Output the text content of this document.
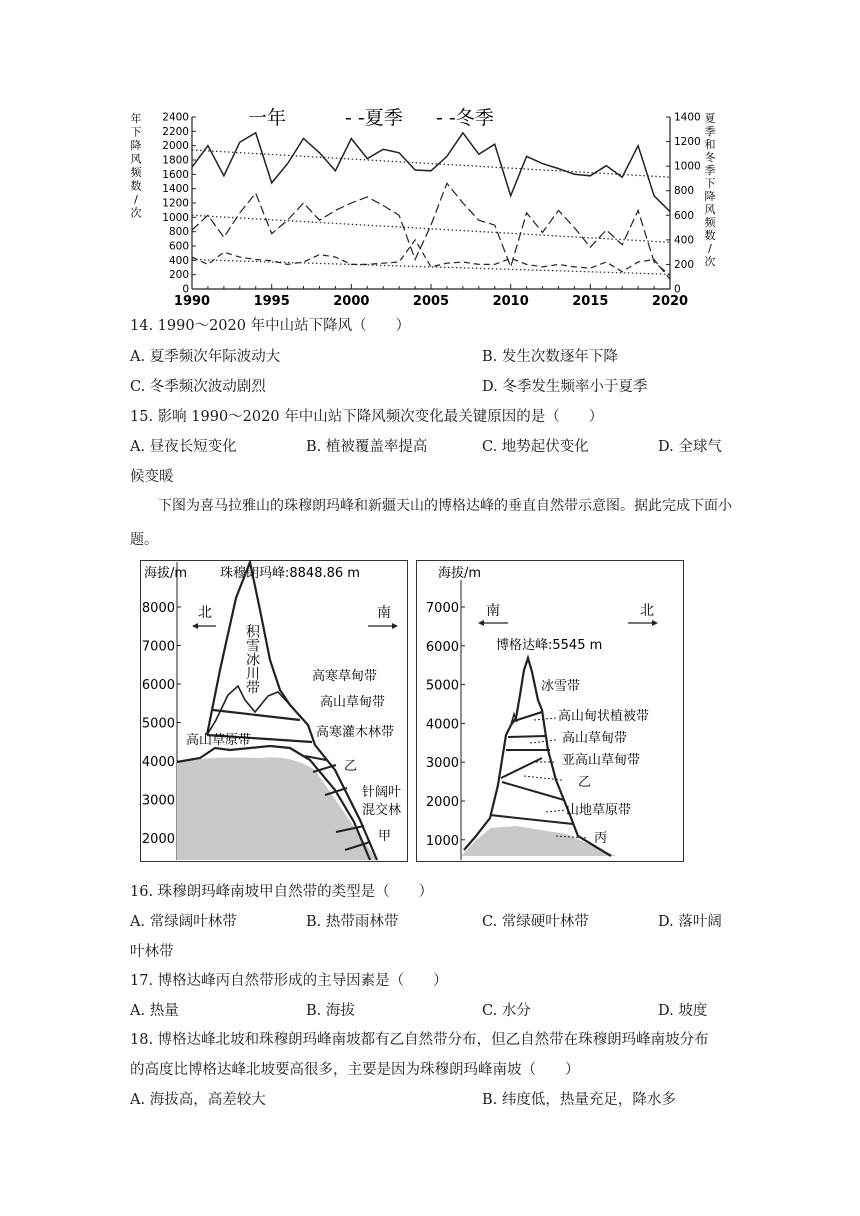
一年	- -夏季 - -冬季
年
下
降
风
频
数
/
次
夏
季
和
冬
季
下
降
风
频
数
/
次
0
200
400
600
800
1000
1200
1400
1600
1800
2000
2200
2400
0
200
400
600
800
1000
1200
1400
1990	1995	2000	2005	2010	2015	2020
14. 1990～2020 年中山站下降风（　　）
A. 夏季频次年际波动大	B. 发生次数逐年下降
C. 冬季频次波动剧烈	D. 冬季发生频率小于夏季
15. 影响 1990～2020 年中山站下降风频次变化最关键原因的是（　　）
A. 昼夜长短变化	B. 植被覆盖率提高	C. 地势起伏变化	D. 全球气
候变暖
下图为喜马拉雅山的珠穆朗玛峰和新疆天山的博格达峰的垂直自然带示意图。据此完成下面小题。
海拔/m	珠穆朗玛峰:8848.86 m
8000
7000
6000
5000
4000
3000
2000
北	南
积雪冰川带	高寒草甸带
高山草甸带
高寒灌木林带
高山草原带
乙
针阔叶
混交林
甲
海拔/m
7000
6000
5000
4000
3000
2000
1000
南	北
博格达峰:5545 m
冰雪带
高山甸状植被带
高山草甸带
亚高山草甸带
乙
山地草原带
丙
16. 珠穆朗玛峰南坡甲自然带的类型是（　　）
A. 常绿阔叶林带	B. 热带雨林带	C. 常绿硬叶林带	D. 落叶阔
叶林带
17. 博格达峰丙自然带形成的主导因素是（　　）
A. 热量	B. 海拔	C. 水分	D. 坡度
18. 博格达峰北坡和珠穆朗玛峰南坡都有乙自然带分布，但乙自然带在珠穆朗玛峰南坡分布
的高度比博格达峰北坡要高很多，主要是因为珠穆朗玛峰南坡（　　）
A. 海拔高，高差较大	B. 纬度低，热量充足，降水多
